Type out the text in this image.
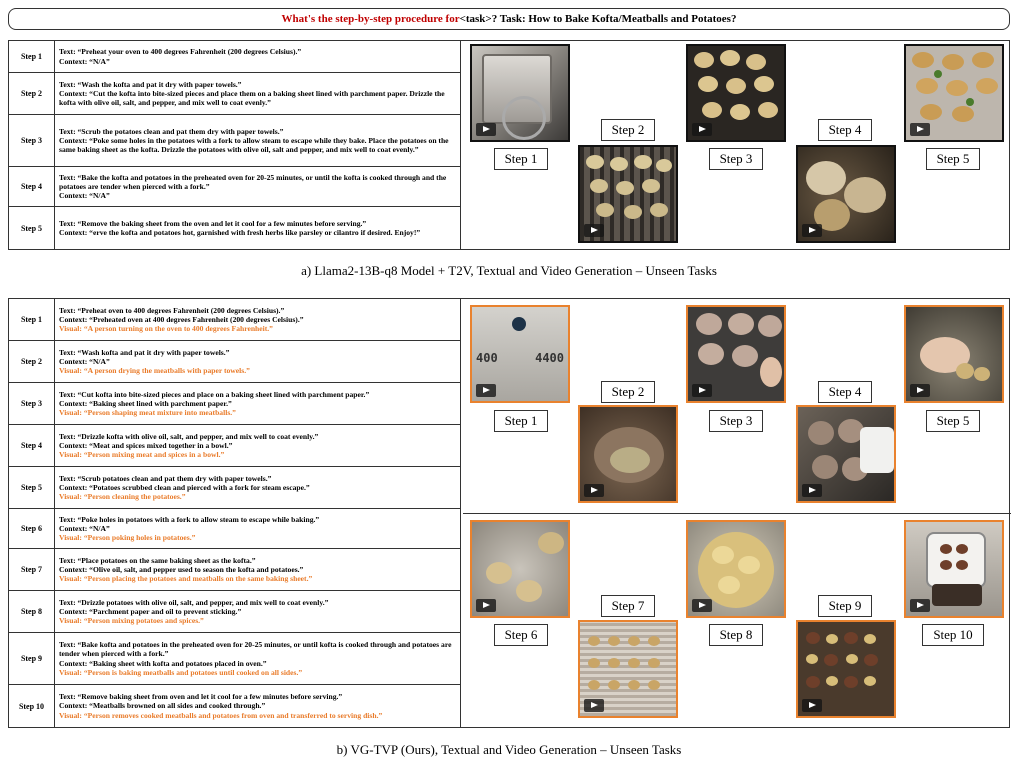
What's the step-by-step procedure for <task> ? Task: How to Bake Kofta/Meatballs and Potatoes?
Step 1
Text: “Preheat your oven to 400 degrees Fahrenheit (200 degrees Celsius).”
Context: “N/A”
Step 2
Text: “Wash the kofta and pat it dry with paper towels.”
Context: “Cut the kofta into bite-sized pieces and place them on a baking sheet lined with parchment paper. Drizzle the kofta with olive oil, salt, and pepper, and mix well to coat evenly.”
Step 3
Text: “Scrub the potatoes clean and pat them dry with paper towels.”
Context: “Poke some holes in the potatoes with a fork to allow steam to escape while they bake. Place the potatoes on the same baking sheet as the kofta. Drizzle the potatoes with olive oil, salt and pepper, and mix well to coat evenly.”
Step 4
Text: “Bake the kofta and potatoes in the preheated oven for 20-25 minutes, or until the kofta is cooked through and the potatoes are tender when pierced with a fork.”
Context: “N/A”
Step 5
Text: “Remove the baking sheet from the oven and let it cool for a few minutes before serving.”
Context: “erve the kofta and potatoes hot, garnished with fresh herbs like parsley or cilantro if desired. Enjoy!”
Step 1
Step 2
Step 3
Step 4
Step 5
a) Llama2-13B-q8 Model + T2V, Textual and Video Generation – Unseen Tasks
Step 1
Text: “Preheat oven to 400 degrees Fahrenheit (200 degrees Celsius).”
Context: “Preheated oven at 400 degrees Fahrenheit (200 degrees Celsius).”
Visual: “A person turning on the oven to 400 degrees Fahrenheit.”
Step 2
Text: “Wash kofta and pat it dry with paper towels.”
Context: “N/A”
Visual: “A person drying the meatballs with paper towels.”
Step 3
Text: “Cut kofta into bite-sized pieces and place on a baking sheet lined with parchment paper.”
Context: “Baking sheet lined with parchment paper.”
Visual: “Person shaping meat mixture into meatballs.”
Step 4
Text: “Drizzle kofta with olive oil, salt, and pepper, and mix well to coat evenly.”
Context: “Meat and spices mixed together in a bowl.”
Visual: “Person mixing meat and spices in a bowl.”
Step 5
Text: “Scrub potatoes clean and pat them dry with paper towels.”
Context: “Potatoes scrubbed clean and pierced with a fork for steam escape.”
Visual: “Person cleaning the potatoes.”
Step 6
Text: “Poke holes in potatoes with a fork to allow steam to escape while baking.”
Context: “N/A”
Visual: “Person poking holes in potatoes.”
Step 7
Text: “Place potatoes on the same baking sheet as the kofta.”
Context: “Olive oil, salt, and pepper used to season the kofta and potatoes.”
Visual: “Person placing the potatoes and meatballs on the same baking sheet.”
Step 8
Text: “Drizzle potatoes with olive oil, salt, and pepper, and mix well to coat evenly.”
Context: “Parchment paper and oil to prevent sticking.”
Visual: “Person mixing potatoes and spices.”
Step 9
Text: “Bake kofta and potatoes in the preheated oven for 20-25 minutes, or until kofta is cooked through and potatoes are tender when pierced with a fork.”
Context: “Baking sheet with kofta and potatoes placed in oven.”
Visual: “Person is baking meatballs and potatoes until cooked on all sides.”
Step 10
Text: “Remove baking sheet from oven and let it cool for a few minutes before serving.”
Context: “Meatballs browned on all sides and cooked through.”
Visual: “Person removes cooked meatballs and potatoes from oven and transferred to serving dish.”
400	4400
Step 1
Step 2
Step 3
Step 4
Step 5
Step 6
Step 7
Step 8
Step 9
Step 10
b) VG-TVP (Ours), Textual and Video Generation – Unseen Tasks
